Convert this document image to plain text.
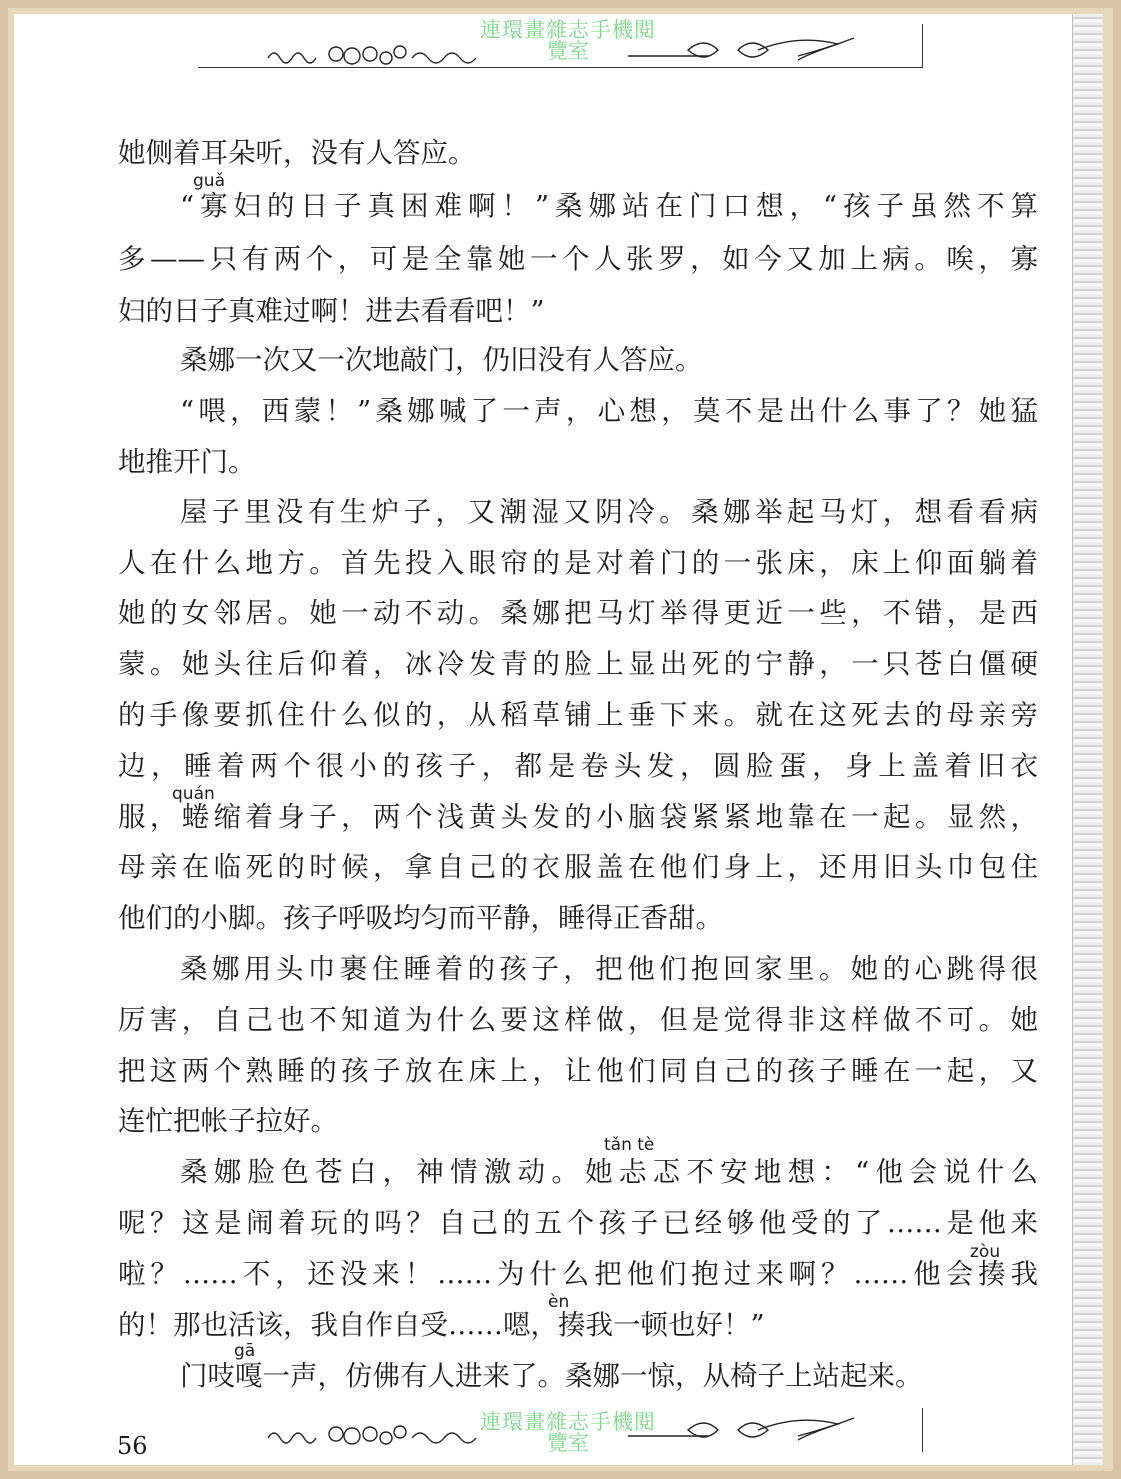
連環畫雜志手機閱
覽室
她侧着耳朵听，没有人答应。
guǎ
“寡妇的日子真困难啊！”桑娜站在门口想，“孩子虽然不算
多——只有两个，可是全靠她一个人张罗，如今又加上病。唉，寡
妇的日子真难过啊！进去看看吧！”
桑娜一次又一次地敲门，仍旧没有人答应。
“喂，西蒙！”桑娜喊了一声，心想，莫不是出什么事了？她猛
地推开门。
屋子里没有生炉子，又潮湿又阴冷。桑娜举起马灯，想看看病
人在什么地方。首先投入眼帘的是对着门的一张床，床上仰面躺着
她的女邻居。她一动不动。桑娜把马灯举得更近一些，不错，是西
蒙。她头往后仰着，冰冷发青的脸上显出死的宁静，一只苍白僵硬
的手像要抓住什么似的，从稻草铺上垂下来。就在这死去的母亲旁
边，睡着两个很小的孩子，都是卷头发，圆脸蛋，身上盖着旧衣
quán
服，蜷缩着身子，两个浅黄头发的小脑袋紧紧地靠在一起。显然，
母亲在临死的时候，拿自己的衣服盖在他们身上，还用旧头巾包住
他们的小脚。孩子呼吸均匀而平静，睡得正香甜。
桑娜用头巾裹住睡着的孩子，把他们抱回家里。她的心跳得很
厉害，自己也不知道为什么要这样做，但是觉得非这样做不可。她
把这两个熟睡的孩子放在床上，让他们同自己的孩子睡在一起，又
连忙把帐子拉好。
tǎn tè
桑娜脸色苍白，神情激动。她忐忑不安地想：“他会说什么
呢？这是闹着玩的吗？自己的五个孩子已经够他受的了……是他来
zòu
啦？……不，还没来！……为什么把他们抱过来啊？……他会揍我
èn
的！那也活该，我自作自受……嗯，揍我一顿也好！”
gā
门吱嘎一声，仿佛有人进来了。桑娜一惊，从椅子上站起来。
56
連環畫雜志手機閱
覽室
